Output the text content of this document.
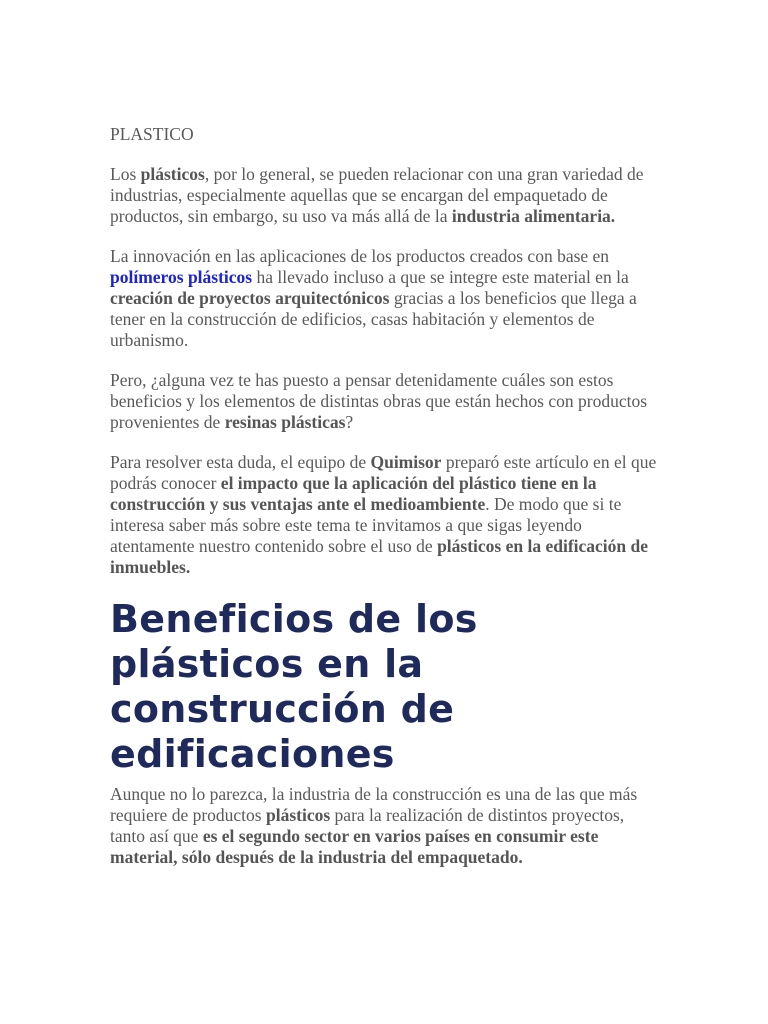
PLASTICO

Los plásticos, por lo general, se pueden relacionar con una gran variedad de industrias, especialmente aquellas que se encargan del empaquetado de productos, sin embargo, su uso va más allá de la industria alimentaria.

La innovación en las aplicaciones de los productos creados con base en polímeros plásticos ha llevado incluso a que se integre este material en la creación de proyectos arquitectónicos gracias a los beneficios que llega a tener en la construcción de edificios, casas habitación y elementos de urbanismo.

Pero, ¿alguna vez te has puesto a pensar detenidamente cuáles son estos beneficios y los elementos de distintas obras que están hechos con productos provenientes de resinas plásticas?

Para resolver esta duda, el equipo de Quimisor preparó este artículo en el que podrás conocer el impacto que la aplicación del plástico tiene en la construcción y sus ventajas ante el medioambiente. De modo que si te interesa saber más sobre este tema te invitamos a que sigas leyendo atentamente nuestro contenido sobre el uso de plásticos en la edificación de inmuebles.

Beneficios de los plásticos en la construcción de edificaciones

Aunque no lo parezca, la industria de la construcción es una de las que más requiere de productos plásticos para la realización de distintos proyectos, tanto así que es el segundo sector en varios países en consumir este material, sólo después de la industria del empaquetado.
